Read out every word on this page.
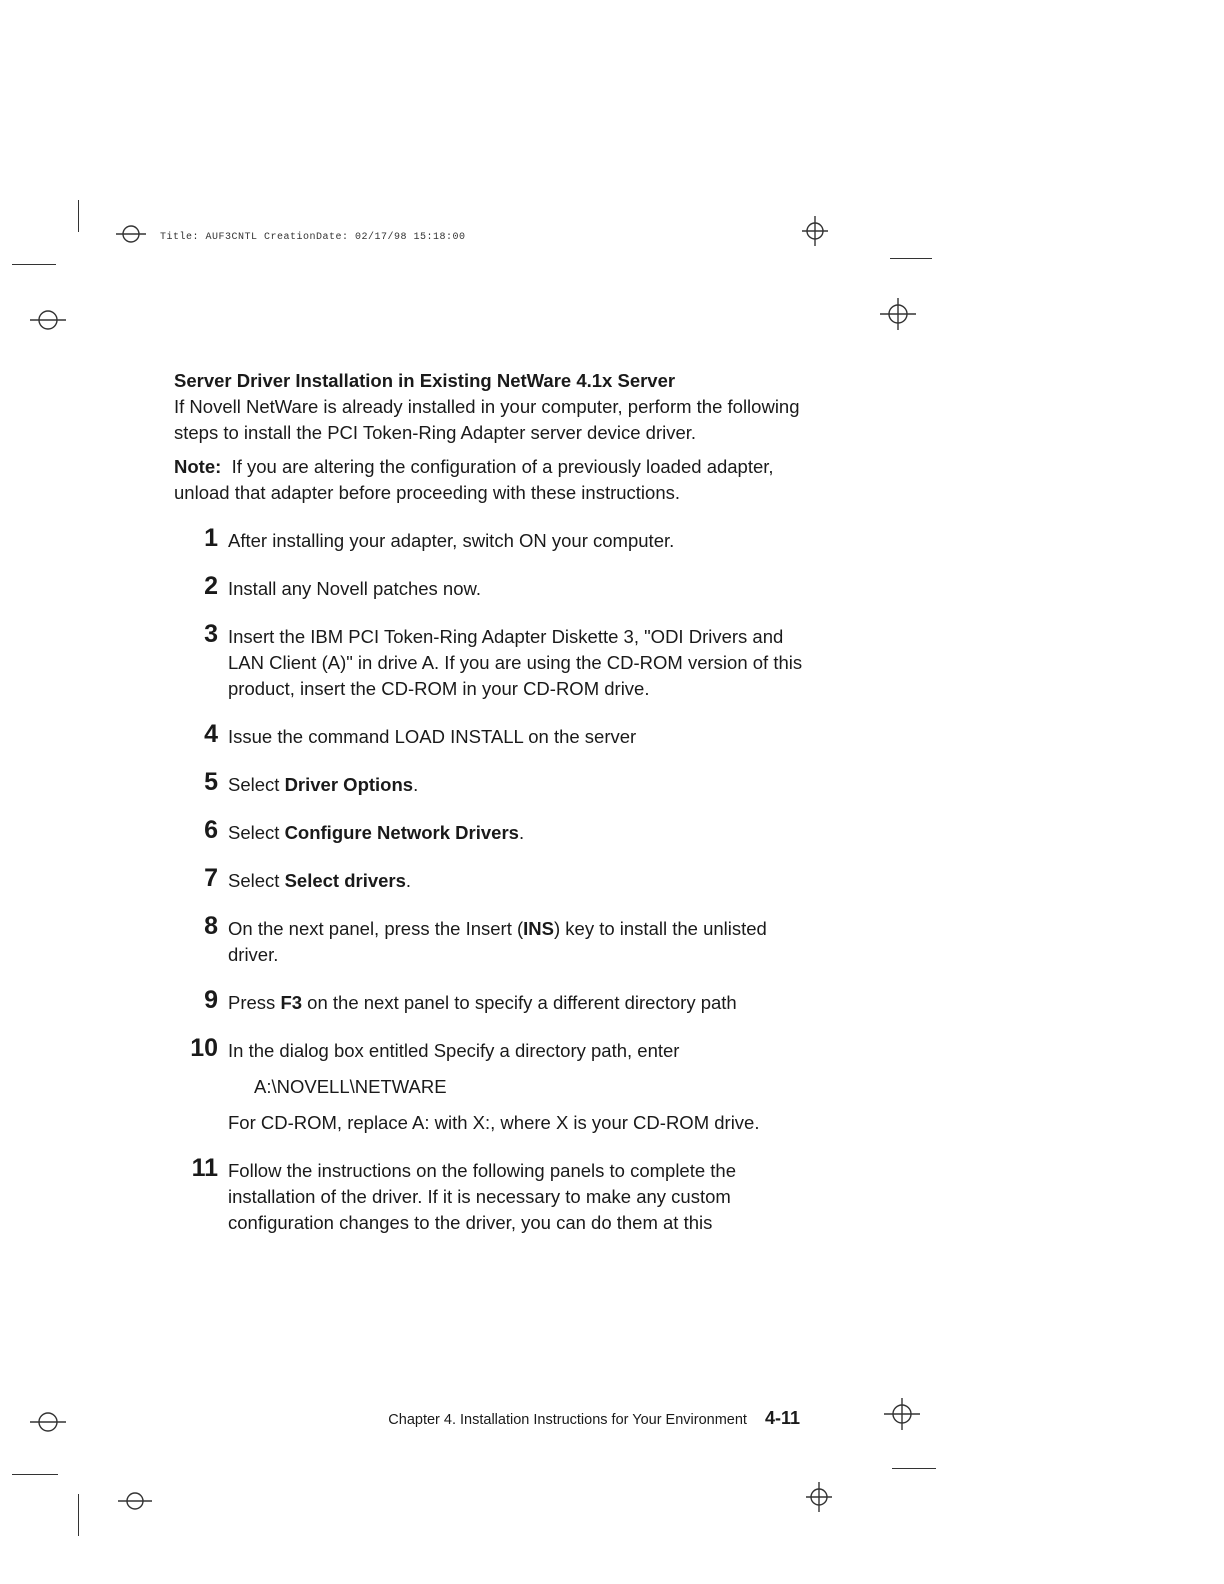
Title: AUF3CNTL CreationDate: 02/17/98 15:18:00

Server Driver Installation in Existing NetWare 4.1x Server

If Novell NetWare is already installed in your computer, perform the following steps to install the PCI Token-Ring Adapter server device driver.

Note: If you are altering the configuration of a previously loaded adapter, unload that adapter before proceeding with these instructions.

1 After installing your adapter, switch ON your computer.
2 Install any Novell patches now.
3 Insert the IBM PCI Token-Ring Adapter Diskette 3, "ODI Drivers and LAN Client (A)" in drive A. If you are using the CD-ROM version of this product, insert the CD-ROM in your CD-ROM drive.
4 Issue the command LOAD INSTALL on the server
5 Select Driver Options.
6 Select Configure Network Drivers.
7 Select Select drivers.
8 On the next panel, press the Insert (INS) key to install the unlisted driver.
9 Press F3 on the next panel to specify a different directory path
10 In the dialog box entitled Specify a directory path, enter

A:\NOVELL\NETWARE

For CD-ROM, replace A: with X:, where X is your CD-ROM drive.

11 Follow the instructions on the following panels to complete the installation of the driver. If it is necessary to make any custom configuration changes to the driver, you can do them at this
Chapter 4. Installation Instructions for Your Environment 4-11
